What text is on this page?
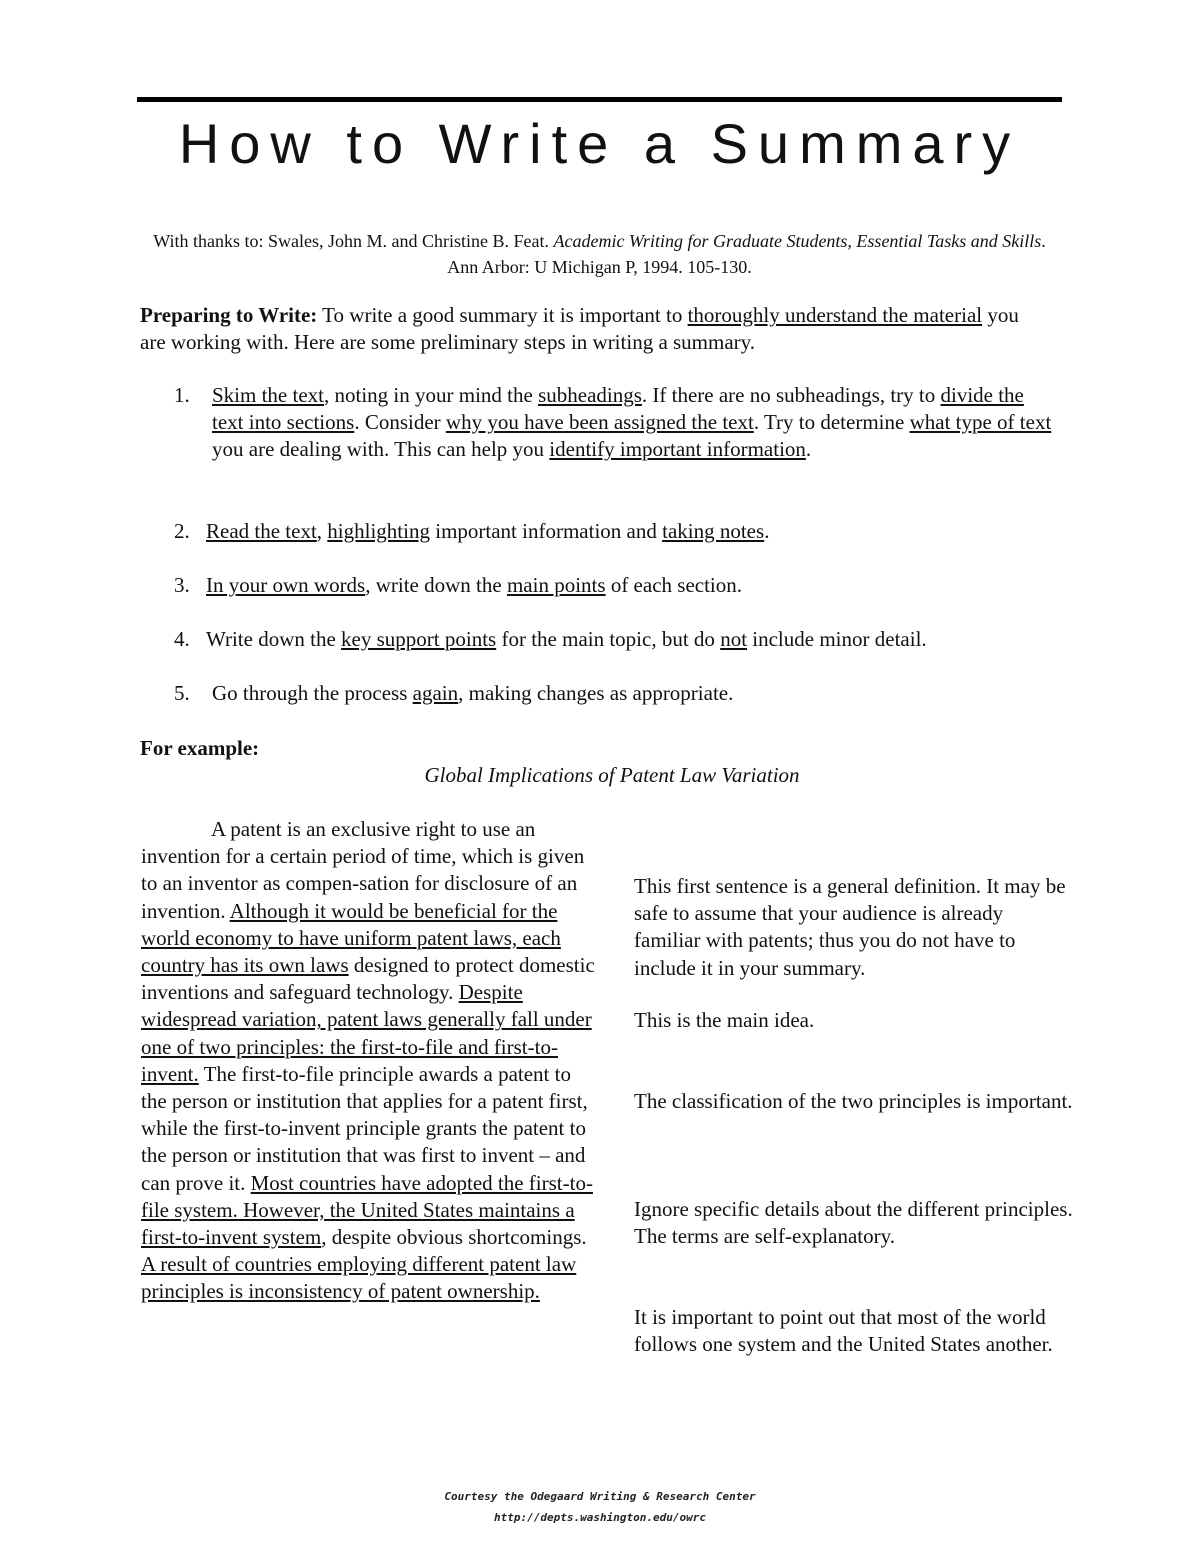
How to Write a Summary
With thanks to: Swales, John M. and Christine B. Feat. Academic Writing for Graduate Students, Essential Tasks and Skills. Ann Arbor: U Michigan P, 1994. 105-130.
Preparing to Write: To write a good summary it is important to thoroughly understand the material you are working with. Here are some preliminary steps in writing a summary.
1.	Skim the text, noting in your mind the subheadings. If there are no subheadings, try to divide the text into sections. Consider why you have been assigned the text. Try to determine what type of text you are dealing with. This can help you identify important information.
2. Read the text, highlighting important information and taking notes.
3. In your own words, write down the main points of each section.
4. Write down the key support points for the main topic, but do not include minor detail.
5.	Go through the process again, making changes as appropriate.
For example:
Global Implications of Patent Law Variation

A patent is an exclusive right to use an invention for a certain period of time, which is given to an inventor as compen-sation for disclosure of an invention. Although it would be beneficial for the world economy to have uniform patent laws, each country has its own laws designed to protect domestic inventions and safeguard technology. Despite widespread variation, patent laws generally fall under one of two principles: the first-to-file and first-to-invent. The first-to-file principle awards a patent to the person or institution that applies for a patent first, while the first-to-invent principle grants the patent to the person or institution that was first to invent – and can prove it. Most countries have adopted the first-to-file system. However, the United States maintains a first-to-invent system, despite obvious shortcomings. A result of countries employing different patent law principles is inconsistency of patent ownership.

This first sentence is a general definition. It may be safe to assume that your audience is already familiar with patents; thus you do not have to include it in your summary.

This is the main idea.

The classification of the two principles is important.

Ignore specific details about the different principles. The terms are self-explanatory.

It is important to point out that most of the world follows one system and the United States another.

Courtesy the Odegaard Writing & Research Center
http://depts.washington.edu/owrc
